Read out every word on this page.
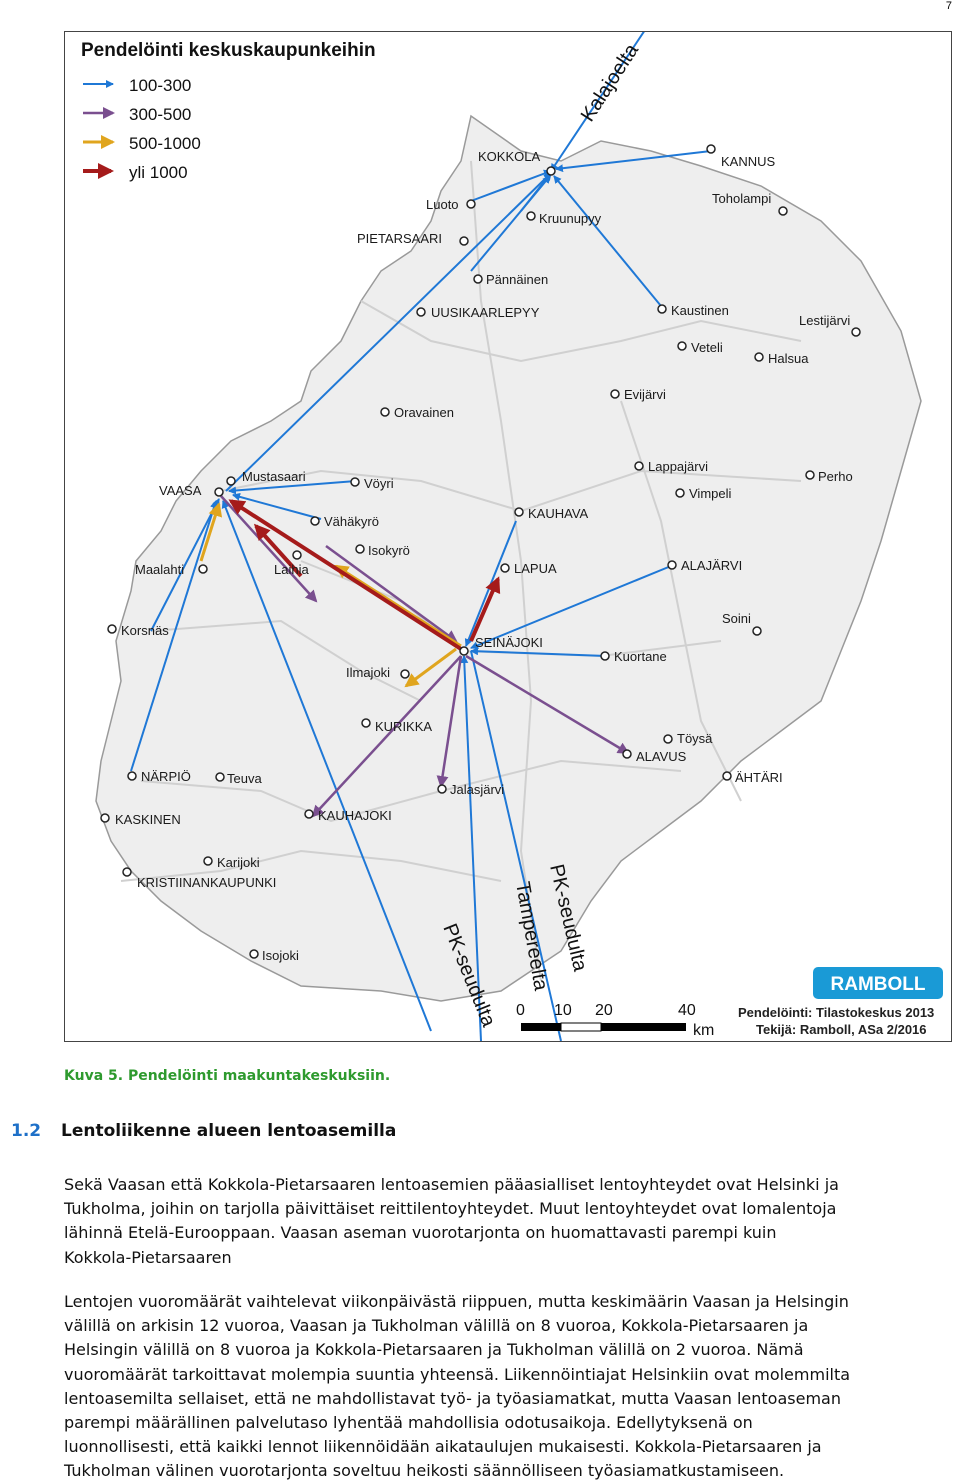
7
KOKKOLA	KANNUS
Toholampi
Luoto
Kruunupyy
PIETARSAARI
Pännäinen
UUSIKAARLEPYY	Kaustinen
Lestijärvi
Veteli
Halsua
Evijärvi
Oravainen
Mustasaari
VAASA	Vöyri
Lappajärvi
Perho
Vimpeli
Vähäkyrö
KAUHAVA
Isokyrö
Maalahti	Laihia	LAPUA	ALAJÄRVI
Soini
Korsnäs
SEINÄJOKI
Kuortane
Ilmajoki
KURIKKA
Töysä
ALAVUS
NÄRPIÖ	Teuva	ÄHTÄRI
Jalasjärvi
KASKINEN	KAUHAJOKI
Karijoki
KRISTIINANKAUPUNKI
Isojoki
Kalajoelta
PK-seudulta
Tampereelta
PK-seudulta
Pendelöinti keskuskaupunkeihin
100-300
300-500
500-1000
yli 1000
RAMBOLL
0 10 20	40
km
Pendelöinti: Tilastokeskus 2013
Tekijä: Ramboll, ASa 2/2016
Kuva 5. Pendelöinti maakuntakeskuksiin.
1.2 Lentoliikenne alueen lentoasemilla
Sekä Vaasan että Kokkola-Pietarsaaren lentoasemien pääasialliset lentoyhteydet ovat Helsinki ja
Tukholma, joihin on tarjolla päivittäiset reittilentoyhteydet. Muut lentoyhteydet ovat lomalentoja
lähinnä Etelä-Eurooppaan. Vaasan aseman vuorotarjonta on huomattavasti parempi kuin
Kokkola-Pietarsaaren
Lentojen vuoromäärät vaihtelevat viikonpäivästä riippuen, mutta keskimäärin Vaasan ja Helsingin
välillä on arkisin 12 vuoroa, Vaasan ja Tukholman välillä on 8 vuoroa, Kokkola-Pietarsaaren ja
Helsingin välillä on 8 vuoroa ja Kokkola-Pietarsaaren ja Tukholman välillä on 2 vuoroa. Nämä
vuoromäärät tarkoittavat molempia suuntia yhteensä. Liikennöintiajat Helsinkiin ovat molemmilta
lentoasemilta sellaiset, että ne mahdollistavat työ- ja työasiamatkat, mutta Vaasan lentoaseman
parempi määrällinen palvelutaso lyhentää mahdollisia odotusaikoja. Edellytyksenä on
luonnollisesti, että kaikki lennot liikennöidään aikataulujen mukaisesti. Kokkola-Pietarsaaren ja
Tukholman välinen vuorotarjonta soveltuu heikosti säännölliseen työasiamatkustamiseen.
